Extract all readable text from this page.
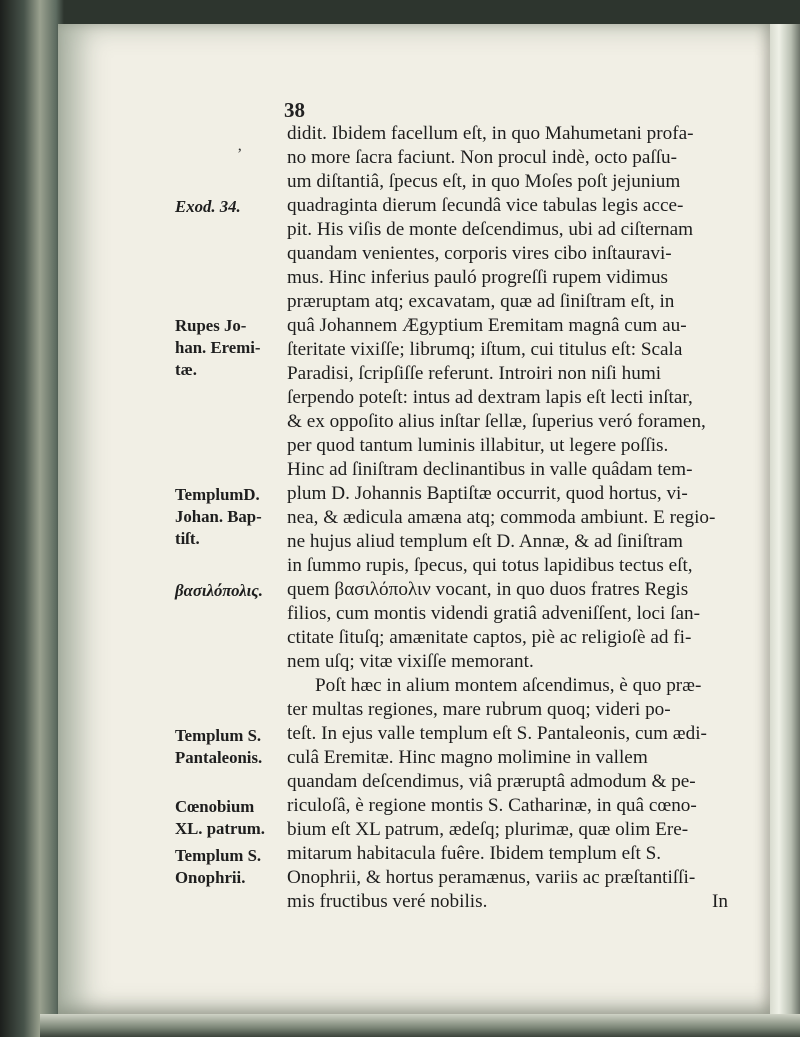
38
ʼ
didit. Ibidem facellum eſt, in quo Mahumetani profa-
no more ſacra faciunt. Non procul indè, octo paſſu-
um diſtantiâ, ſpecus eſt, in quo Moſes poſt jejunium
quadraginta dierum ſecundâ vice tabulas legis acce-
pit. His viſis de monte deſcendimus, ubi ad ciſternam
quandam venientes, corporis vires cibo inſtauravi-
mus. Hinc inferius pauló progreſſi rupem vidimus
præruptam atq; excavatam, quæ ad ſiniſtram eſt, in
quâ Johannem Ægyptium Eremitam magnâ cum au-
ſteritate vixiſſe; librumq; iſtum, cui titulus eſt: Scala
Paradisi, ſcripſiſſe referunt. Introiri non niſi humi
ſerpendo poteſt: intus ad dextram lapis eſt lecti inſtar,
& ex oppoſito alius inſtar ſellæ, ſuperius veró foramen,
per quod tantum luminis illabitur, ut legere poſſis.
Hinc ad ſiniſtram declinantibus in valle quâdam tem-
plum D. Johannis Baptiſtæ occurrit, quod hortus, vi-
nea, & ædicula amæna atq; commoda ambiunt. E regio-
ne hujus aliud templum eſt D. Annæ, & ad ſiniſtram
in ſummo rupis, ſpecus, qui totus lapidibus tectus eſt,
quem βασιλόπολιν vocant, in quo duos fratres Regis
filios, cum montis videndi gratiâ adveniſſent, loci ſan-
ctitate ſituſq; amænitate captos, piè ac religioſè ad fi-
nem uſq; vitæ vixiſſe memorant.
Poſt hæc in alium montem aſcendimus, è quo præ-
ter multas regiones, mare rubrum quoq; videri po-
teſt. In ejus valle templum eſt S. Pantaleonis, cum ædi-
culâ Eremitæ. Hinc magno molimine in vallem
quandam deſcendimus, viâ præruptâ admodum & pe-
riculoſâ, è regione montis S. Catharinæ, in quâ cœno-
bium eſt XL patrum, ædeſq; plurimæ, quæ olim Ere-
mitarum habitacula fuêre. Ibidem templum eſt S.
Onophrii, & hortus peramænus, variis ac præſtantiſſi-
mis fructibus veré nobilis.	In
Exod. 34.
Rupes Jo-
han. Eremi-
tæ.
TemplumD.
Johan. Bap-
tiſt.
βασιλόπολις.
Templum S.
Pantaleonis.
Cœnobium
XL. patrum.
Templum S.
Onophrii.
